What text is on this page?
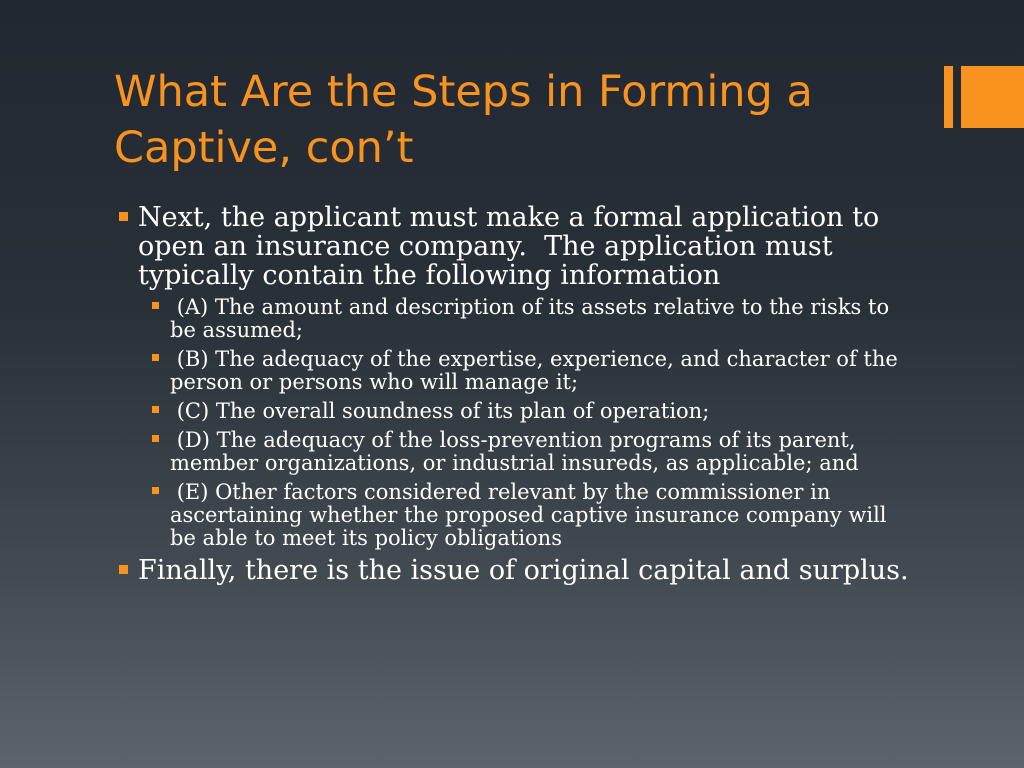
What Are the Steps in Forming a
Captive, con’t
Next, the applicant must make a formal application to open an insurance company.  The application must typically contain the following information
(A) The amount and description of its assets relative to the risks to be assumed;
(B) The adequacy of the expertise, experience, and character of the person or persons who will manage it;
(C) The overall soundness of its plan of operation;
(D) The adequacy of the loss-prevention programs of its parent, member organizations, or industrial insureds, as applicable; and
(E) Other factors considered relevant by the commissioner in ascertaining whether the proposed captive insurance company will be able to meet its policy obligations
Finally, there is the issue of original capital and surplus.
